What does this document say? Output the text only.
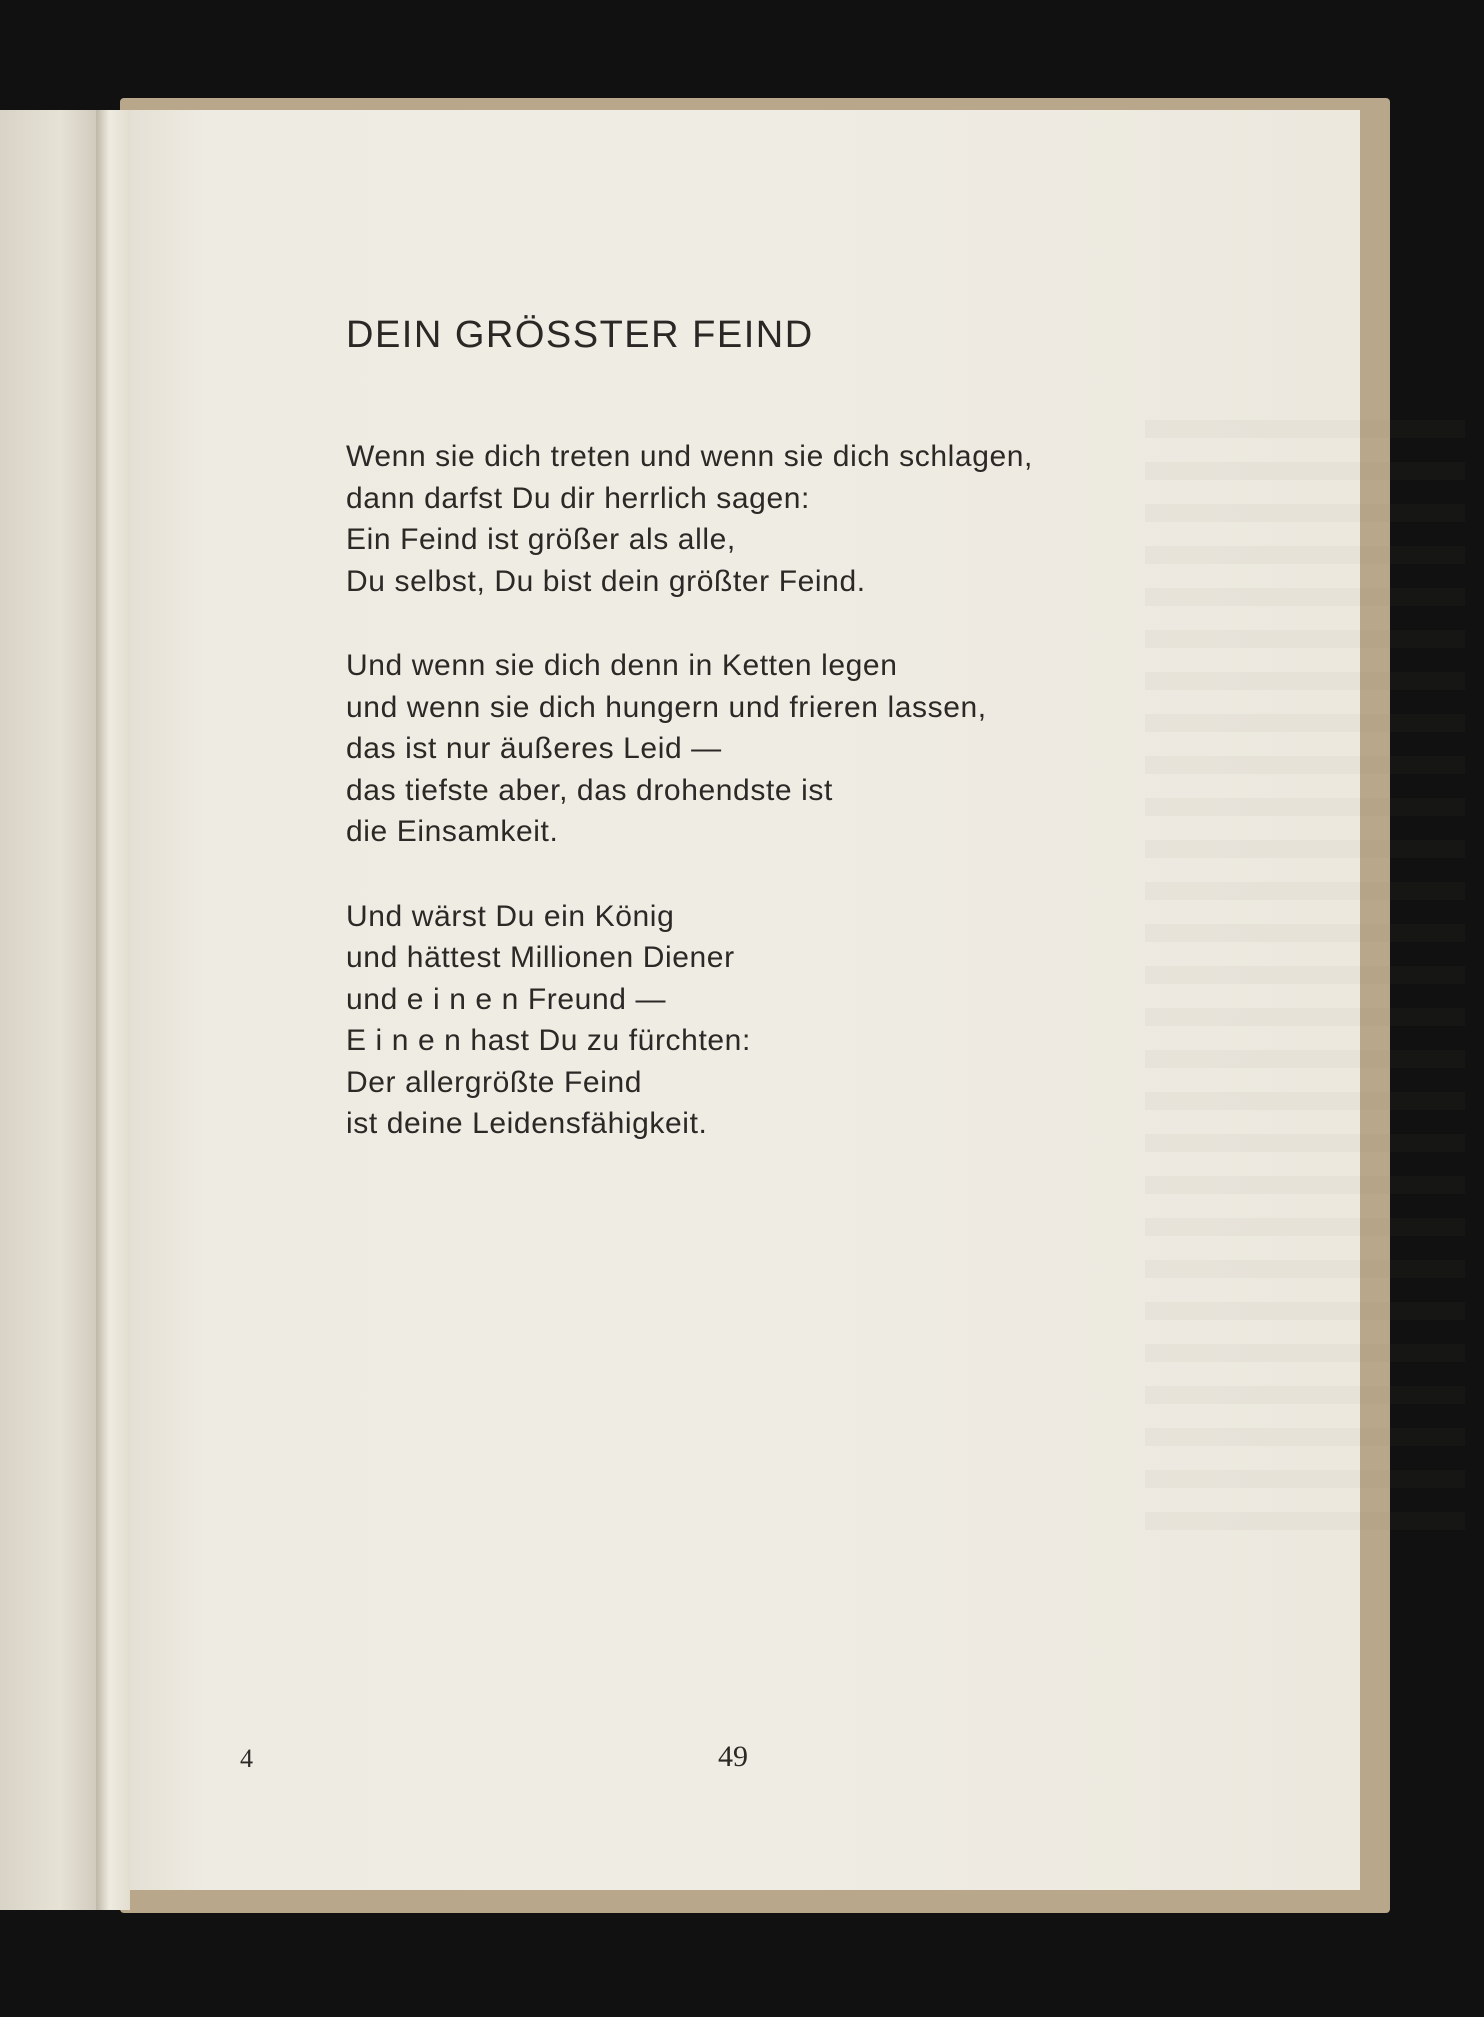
DEIN GRÖSSTER FEIND
Wenn sie dich treten und wenn sie dich schlagen,
dann darfst Du dir herrlich sagen:
Ein Feind ist größer als alle,
Du selbst, Du bist dein größter Feind.
Und wenn sie dich denn in Ketten legen
und wenn sie dich hungern und frieren lassen,
das ist nur äußeres Leid —
das tiefste aber, das drohendste ist
die Einsamkeit.
Und wärst Du ein König
und hättest Millionen Diener
und e i n e n Freund —
E i n e n hast Du zu fürchten:
Der allergrößte Feind
ist deine Leidensfähigkeit.
4	49
